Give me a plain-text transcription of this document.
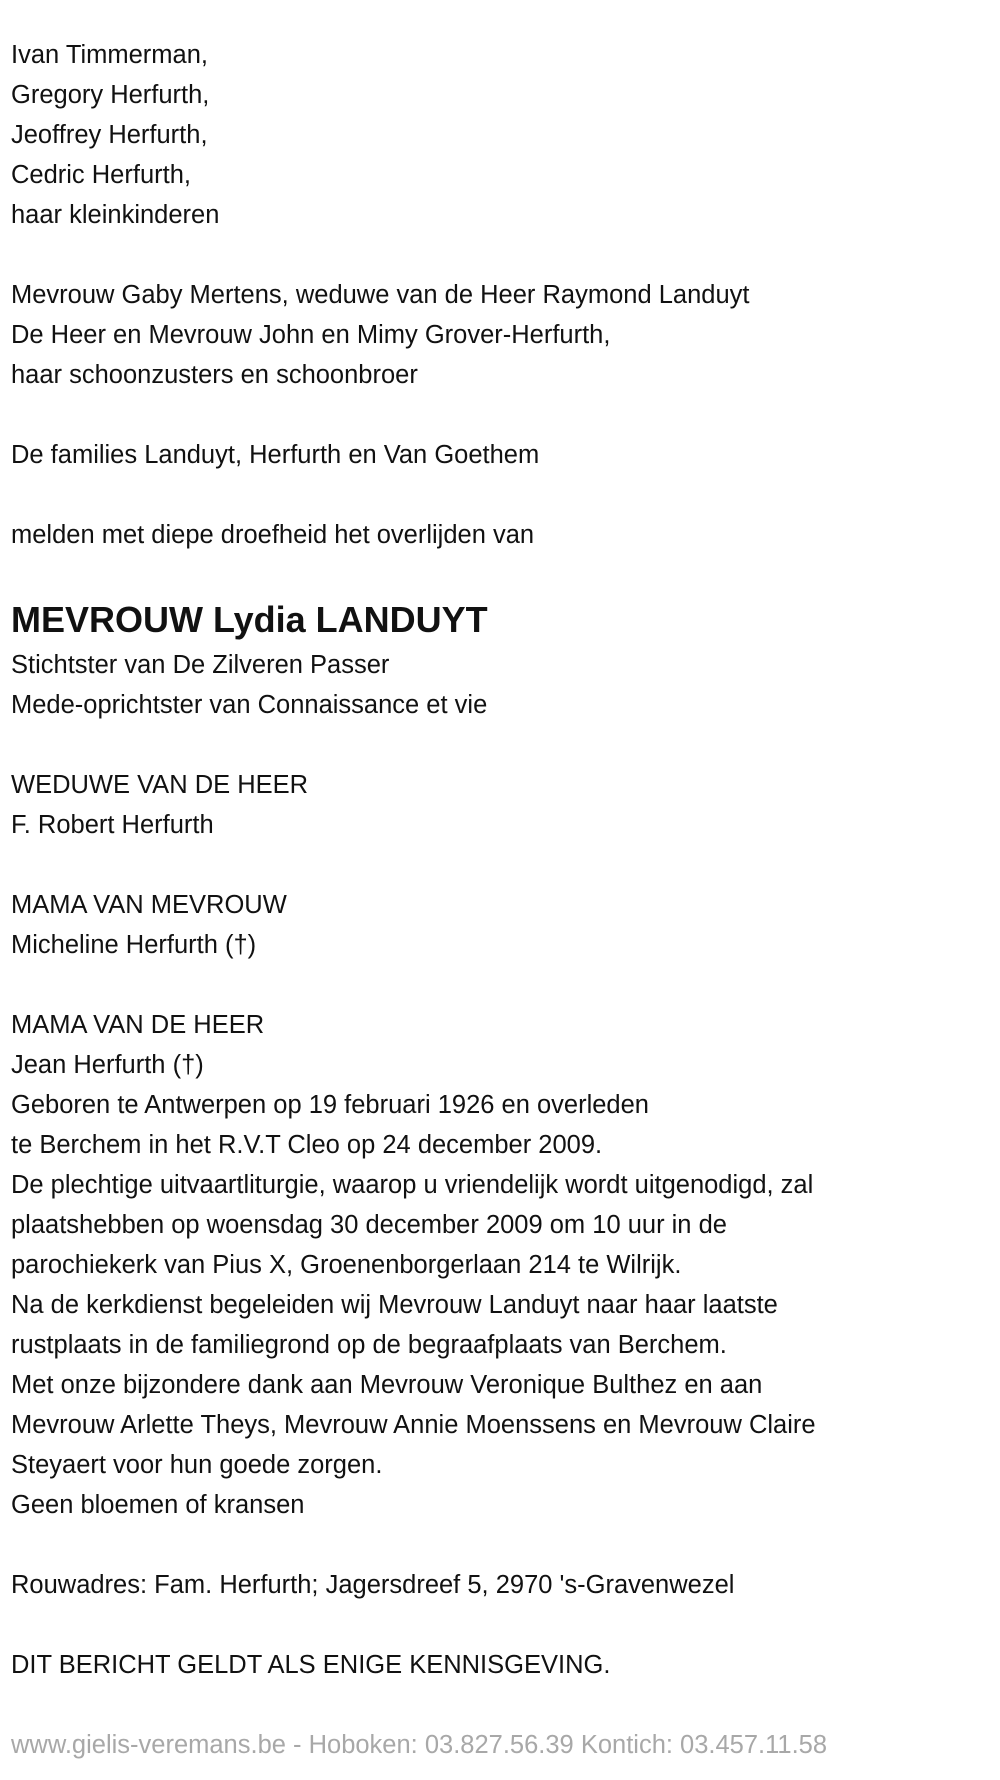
Ivan Timmerman,
Gregory Herfurth,
Jeoffrey Herfurth,
Cedric Herfurth,
haar kleinkinderen
Mevrouw Gaby Mertens, weduwe van de Heer Raymond Landuyt
De Heer en Mevrouw John en Mimy Grover-Herfurth,
haar schoonzusters en schoonbroer
De families Landuyt, Herfurth en Van Goethem
melden met diepe droefheid het overlijden van
MEVROUW Lydia LANDUYT
Stichtster van De Zilveren Passer
Mede-oprichtster van Connaissance et vie
WEDUWE VAN DE HEER
F. Robert Herfurth
MAMA VAN MEVROUW
Micheline Herfurth (†)
MAMA VAN DE HEER
Jean Herfurth (†)
Geboren te Antwerpen op 19 februari 1926 en overleden
te Berchem in het R.V.T Cleo op 24 december 2009.
De plechtige uitvaartliturgie, waarop u vriendelijk wordt uitgenodigd, zal
plaatshebben op woensdag 30 december 2009 om 10 uur in de
parochiekerk van Pius X, Groenenborgerlaan 214 te Wilrijk.
Na de kerkdienst begeleiden wij Mevrouw Landuyt naar haar laatste
rustplaats in de familiegrond op de begraafplaats van Berchem.
Met onze bijzondere dank aan Mevrouw Veronique Bulthez en aan
Mevrouw Arlette Theys, Mevrouw Annie Moenssens en Mevrouw Claire
Steyaert voor hun goede zorgen.
Geen bloemen of kransen
Rouwadres: Fam. Herfurth; Jagersdreef 5, 2970 's-Gravenwezel
DIT BERICHT GELDT ALS ENIGE KENNISGEVING.
www.gielis-veremans.be - Hoboken: 03.827.56.39 Kontich: 03.457.11.58
